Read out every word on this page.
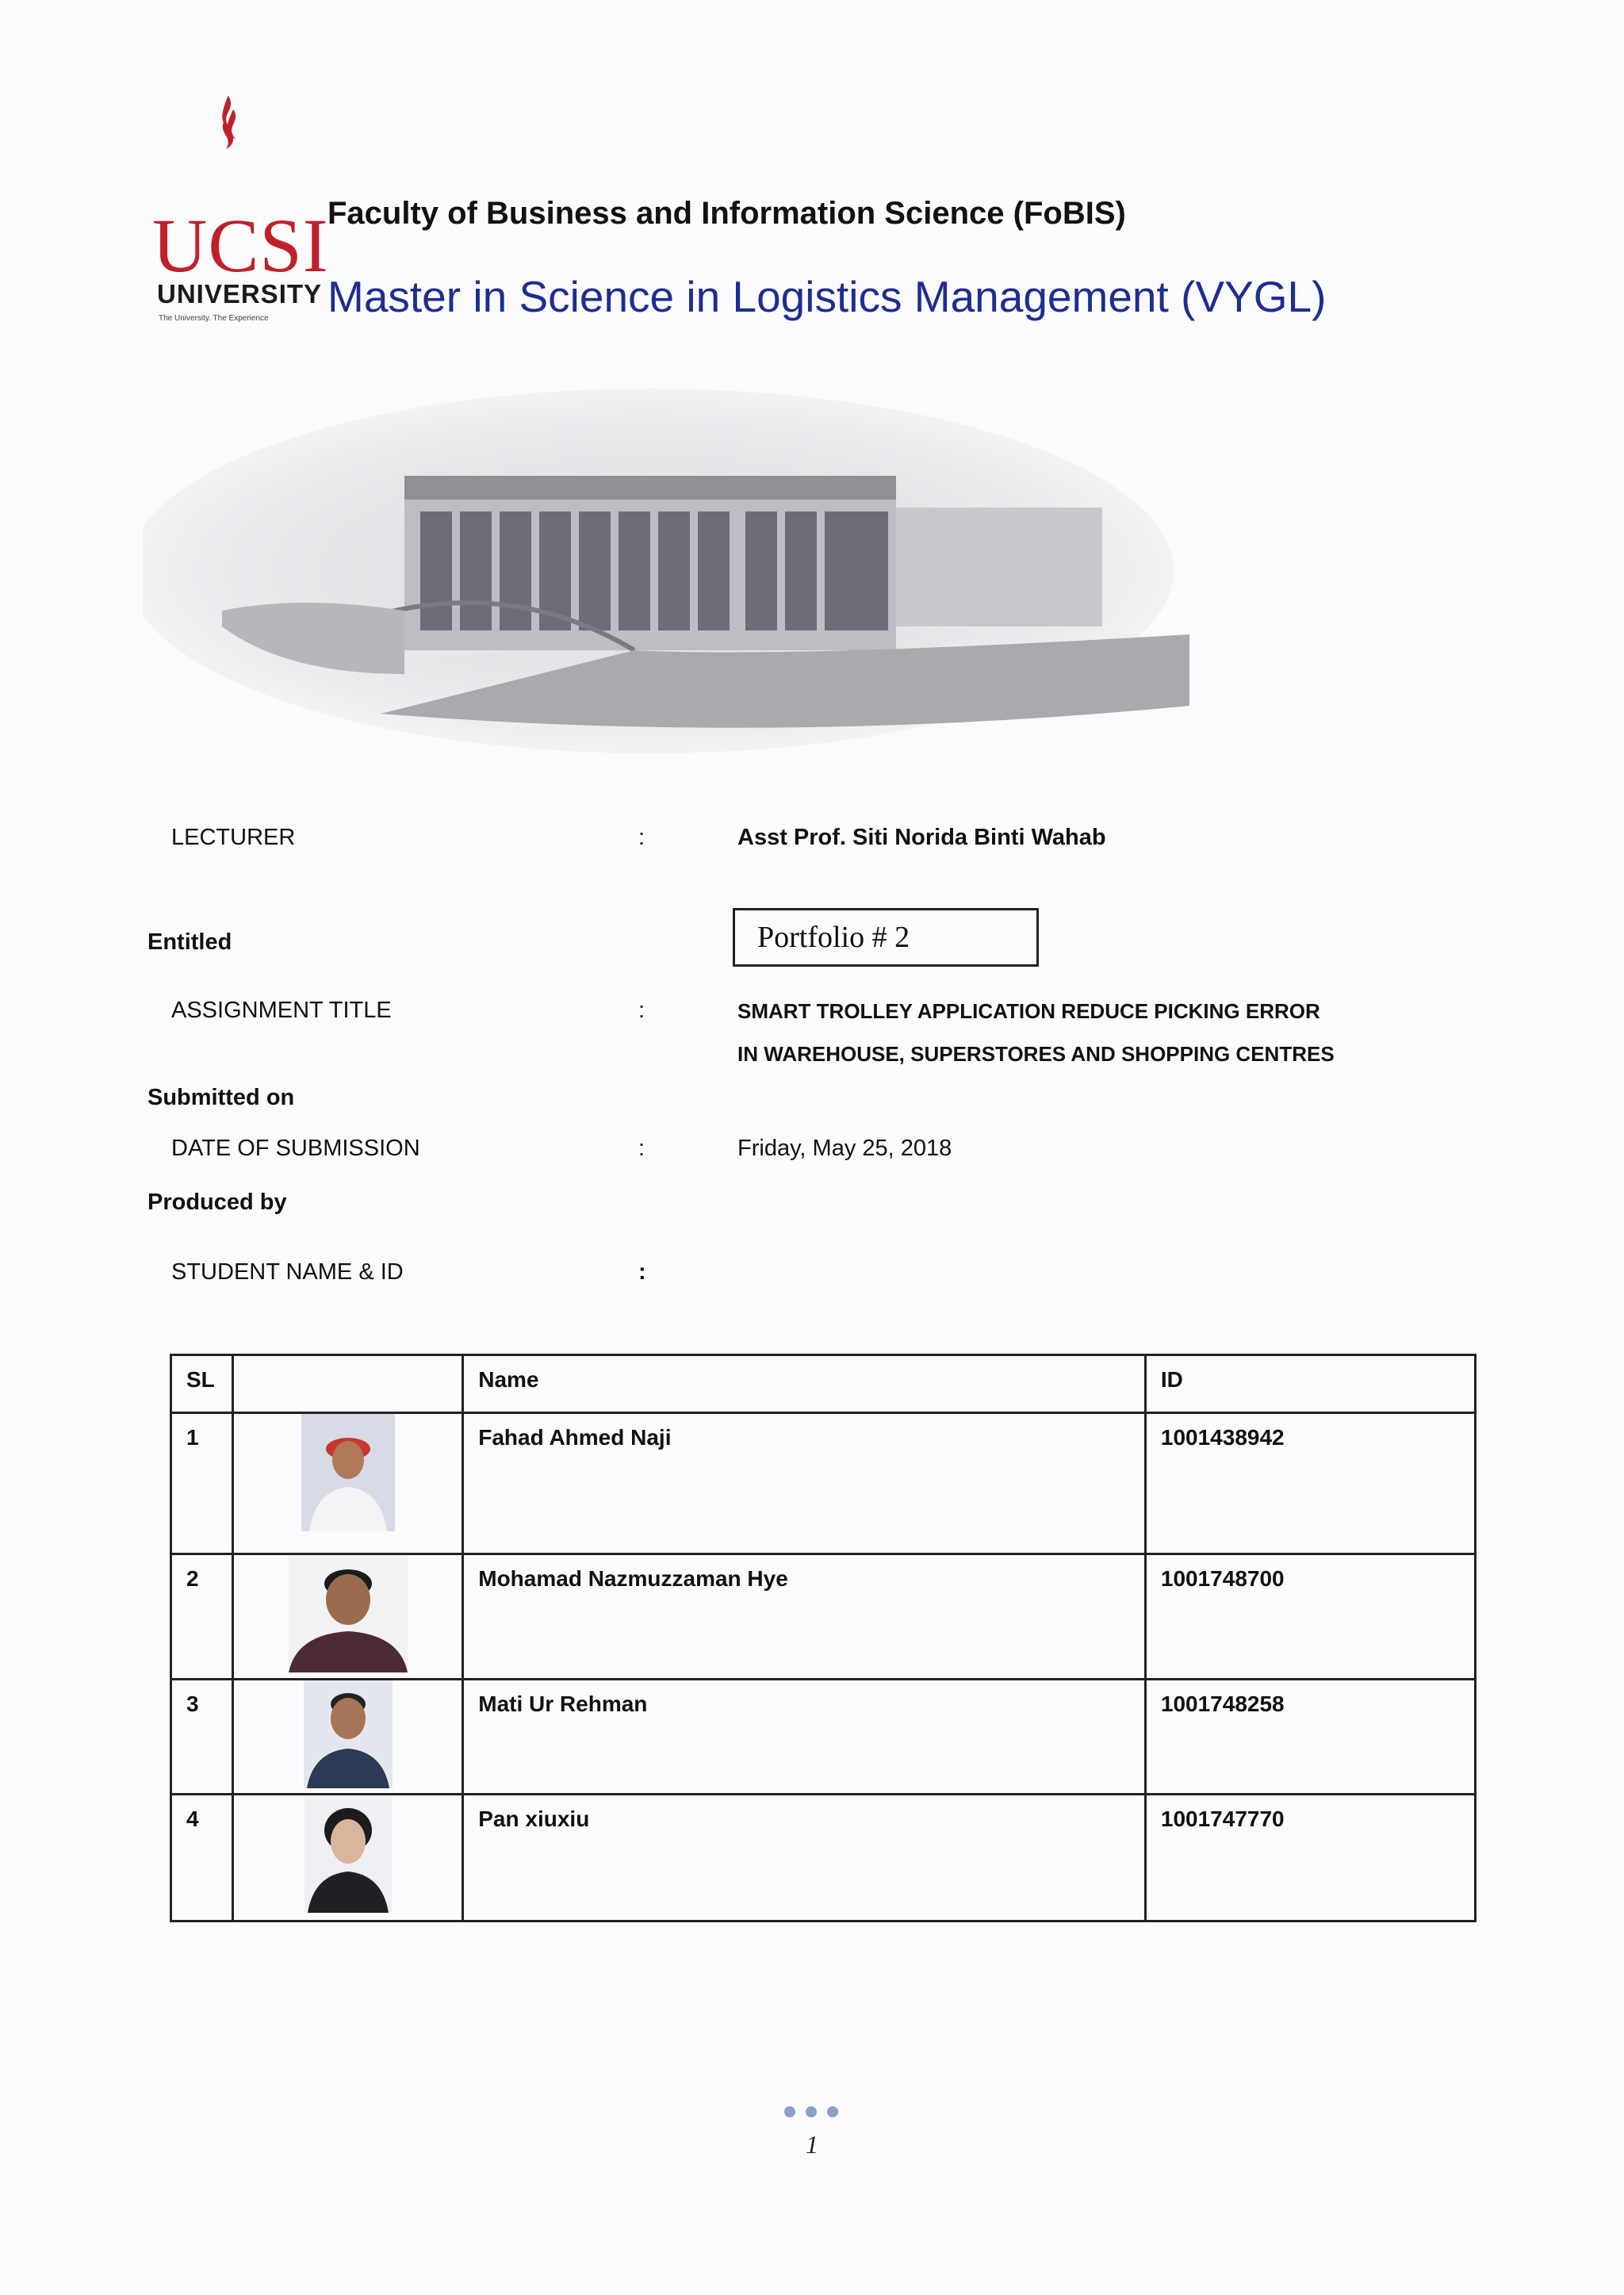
UCSI
UNIVERSITY
The University. The Experience
Faculty of Business and Information Science (FoBIS)
Master in Science in Logistics Management (VYGL)
LECTURER	:	Asst Prof. Siti Norida Binti Wahab
Entitled	Portfolio # 2
ASSIGNMENT TITLE	:	SMART TROLLEY APPLICATION REDUCE PICKING ERROR
IN WAREHOUSE, SUPERSTORES AND SHOPPING CENTRES
Submitted on
DATE OF SUBMISSION	:	Friday, May 25, 2018
Produced by
STUDENT NAME & ID	:
SL		Name	ID
1		Fahad Ahmed Naji	1001438942
2		Mohamad Nazmuzzaman Hye	1001748700
3		Mati Ur Rehman	1001748258
4		Pan xiuxiu	1001747770
1
